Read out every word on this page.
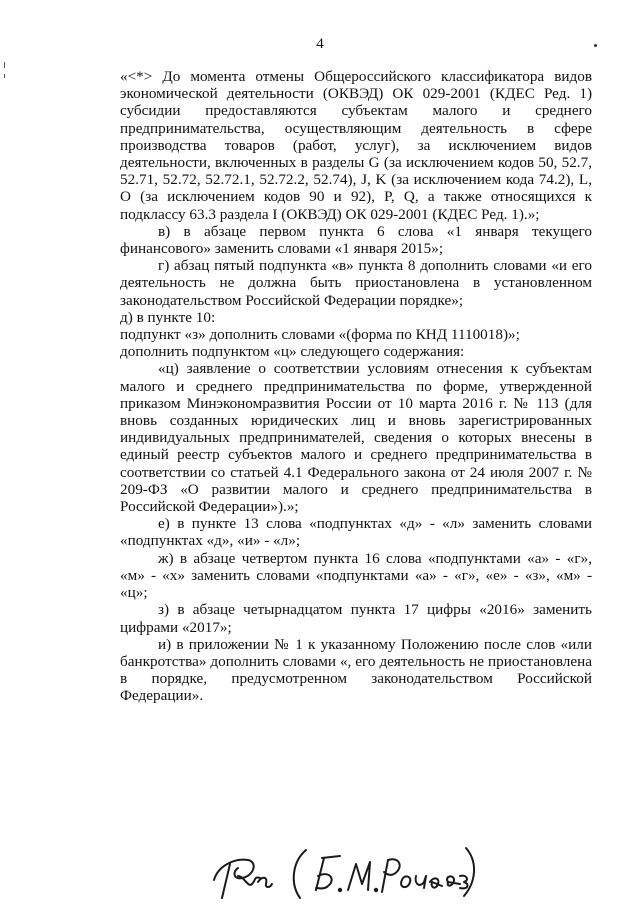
4

«<*> До момента отмены Общероссийского классификатора видов экономической деятельности (ОКВЭД) ОК 029-2001 (КДЕС Ред. 1) субсидии предоставляются субъектам малого и среднего предпринимательства, осуществляющим деятельность в сфере производства товаров (работ, услуг), за исключением видов деятельности, включенных в разделы G (за исключением кодов 50, 52.7, 52.71, 52.72, 52.72.1, 52.72.2, 52.74), J, K (за исключением кода 74.2), L, O (за исключением кодов 90 и 92), P, Q, а также относящихся к подклассу 63.3 раздела I (ОКВЭД) ОК 029-2001 (КДЕС Ред. 1).»;

в) в абзаце первом пункта 6 слова «1 января текущего финансового» заменить словами «1 января 2015»;

г) абзац пятый подпункта «в» пункта 8 дополнить словами «и его деятельность не должна быть приостановлена в установленном законодательством Российской Федерации порядке»;

д) в пункте 10:

подпункт «з» дополнить словами «(форма по КНД 1110018)»;

дополнить подпунктом «ц» следующего содержания:

«ц) заявление о соответствии условиям отнесения к субъектам малого и среднего предпринимательства по форме, утвержденной приказом Минэкономразвития России от 10 марта 2016 г. № 113 (для вновь созданных юридических лиц и вновь зарегистрированных индивидуальных предпринимателей, сведения о которых внесены в единый реестр субъектов малого и среднего предпринимательства в соответствии со статьей 4.1 Федерального закона от 24 июля 2007 г. № 209-ФЗ «О развитии малого и среднего предпринимательства в Российской Федерации»).»;

е) в пункте 13 слова «подпунктах «д» - «л» заменить словами «подпунктах «д», «и» - «л»;

ж) в абзаце четвертом пункта 16 слова «подпунктами «а» - «г», «м» - «х» заменить словами «подпунктами «а» - «г», «е» - «з», «м» - «ц»;

з) в абзаце четырнадцатом пункта 17 цифры «2016» заменить цифрами «2017»;

и) в приложении № 1 к указанному Положению после слов «или банкротства» дополнить словами «, его деятельность не приостановлена в порядке, предусмотренном законодательством Российской Федерации».
